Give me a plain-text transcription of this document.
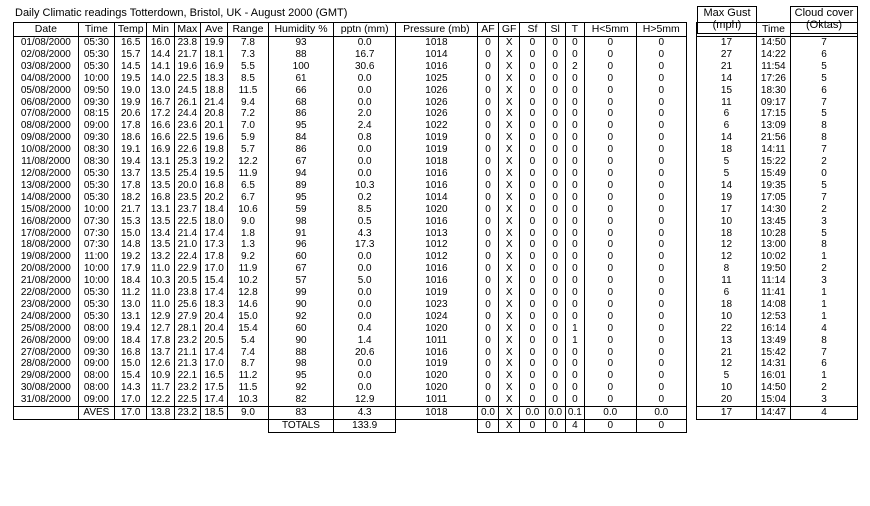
Daily Climatic readings Totterdown, Bristol, UK - August 2000 (GMT)	Max Gust
(mph)
Cloud cover
(Oktas)
Date	Time	Temp	Min	Max	Ave	Range	Humidity %	pptn (mm)	Pressure (mb)	AF	GF	Sf	Sl	T	H<5mm	H>5mm			Time	
01/08/2000	05:30	16.5	16.0	23.8	19.9	7.8	93	0.0	1018	0	X	0	0	0	0	0		17	14:50	7
02/08/2000	05:30	15.7	14.4	21.7	18.1	7.3	88	16.7	1014	0	X	0	0	0	0	0		27	14:22	6
03/08/2000	05:30	14.5	14.1	19.6	16.9	5.5	100	30.6	1016	0	X	0	0	2	0	0		21	11:54	5
04/08/2000	10:00	19.5	14.0	22.5	18.3	8.5	61	0.0	1025	0	X	0	0	0	0	0		14	17:26	5
05/08/2000	09:50	19.0	13.0	24.5	18.8	11.5	66	0.0	1026	0	X	0	0	0	0	0		15	18:30	6
06/08/2000	09:30	19.9	16.7	26.1	21.4	9.4	68	0.0	1026	0	X	0	0	0	0	0		11	09:17	7
07/08/2000	08:15	20.6	17.2	24.4	20.8	7.2	86	2.0	1026	0	X	0	0	0	0	0		6	17:15	5
08/08/2000	09:00	17.8	16.6	23.6	20.1	7.0	95	2.4	1022	0	X	0	0	0	0	0		6	13:09	8
09/08/2000	09:30	18.6	16.6	22.5	19.6	5.9	84	0.8	1019	0	X	0	0	0	0	0		14	21:56	8
10/08/2000	08:30	19.1	16.9	22.6	19.8	5.7	86	0.0	1019	0	X	0	0	0	0	0		18	14:11	7
11/08/2000	08:30	19.4	13.1	25.3	19.2	12.2	67	0.0	1018	0	X	0	0	0	0	0		5	15:22	2
12/08/2000	05:30	13.7	13.5	25.4	19.5	11.9	94	0.0	1016	0	X	0	0	0	0	0		5	15:49	0
13/08/2000	05:30	17.8	13.5	20.0	16.8	6.5	89	10.3	1016	0	X	0	0	0	0	0		14	19:35	5
14/08/2000	05:30	18.2	16.8	23.5	20.2	6.7	95	0.2	1014	0	X	0	0	0	0	0		19	17:05	7
15/08/2000	10:00	21.7	13.1	23.7	18.4	10.6	59	8.5	1020	0	X	0	0	0	0	0		17	14:30	2
16/08/2000	07:30	15.3	13.5	22.5	18.0	9.0	98	0.5	1016	0	X	0	0	0	0	0		10	13:45	3
17/08/2000	07:30	15.0	13.4	21.4	17.4	1.8	91	4.3	1013	0	X	0	0	0	0	0		18	10:28	5
18/08/2000	07:30	14.8	13.5	21.0	17.3	1.3	96	17.3	1012	0	X	0	0	0	0	0		12	13:00	8
19/08/2000	11:00	19.2	13.2	22.4	17.8	9.2	60	0.0	1012	0	X	0	0	0	0	0		12	10:02	1
20/08/2000	10:00	17.9	11.0	22.9	17.0	11.9	67	0.0	1016	0	X	0	0	0	0	0		8	19:50	2
21/08/2000	10:00	18.4	10.3	20.5	15.4	10.2	57	5.0	1016	0	X	0	0	0	0	0		11	11:14	3
22/08/2000	05:30	11.2	11.0	23.8	17.4	12.8	99	0.0	1019	0	X	0	0	0	0	0		6	11:41	1
23/08/2000	05:30	13.0	11.0	25.6	18.3	14.6	90	0.0	1023	0	X	0	0	0	0	0		18	14:08	1
24/08/2000	05:30	13.1	12.9	27.9	20.4	15.0	92	0.0	1024	0	X	0	0	0	0	0		10	12:53	1
25/08/2000	08:00	19.4	12.7	28.1	20.4	15.4	60	0.4	1020	0	X	0	0	1	0	0		22	16:14	4
26/08/2000	09:00	18.4	17.8	23.2	20.5	5.4	90	1.4	1011	0	X	0	0	1	0	0		13	13:49	8
27/08/2000	09:30	16.8	13.7	21.1	17.4	7.4	88	20.6	1016	0	X	0	0	0	0	0		21	15:42	7
28/08/2000	09:00	15.0	12.6	21.3	17.0	8.7	98	0.0	1019	0	X	0	0	0	0	0		12	14:31	6
29/08/2000	08:00	15.4	10.9	22.1	16.5	11.2	95	0.0	1020	0	X	0	0	0	0	0		5	16:01	1
30/08/2000	08:00	14.3	11.7	23.2	17.5	11.5	92	0.0	1020	0	X	0	0	0	0	0		10	14:50	2
31/08/2000	09:00	17.0	12.2	22.5	17.4	10.3	82	12.9	1011	0	X	0	0	0	0	0		20	15:04	3
	AVES	17.0	13.8	23.2	18.5	9.0	83	4.3	1018	0.0	X	0.0	0.0	0.1	0.0	0.0		17	14:47	4
							TOTALS	133.9		0	X	0	0	4	0	0				
